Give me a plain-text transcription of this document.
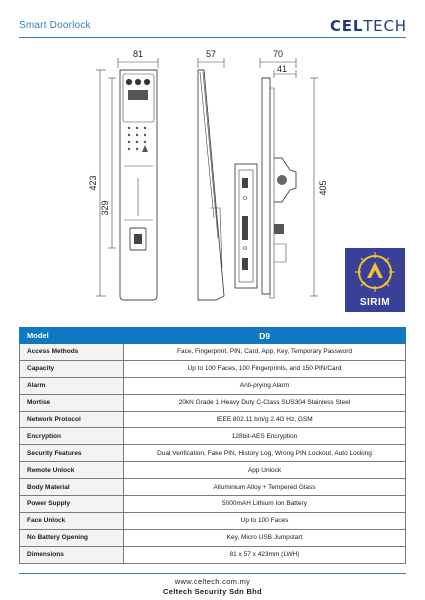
Smart Doorlock	CELTECH
81	57	70
41
423
329
405
SIRIM
Model	D9
Access Methods	Face, Fingerprint, PIN, Card, App, Key, Temporary Password
Capacity	Up to 100 Faces, 100 Fingerprints, and 150 PIN/Card
Alarm	Anti-prying Alarm
Mortise	20kN Grade 1 Heavy Duty C-Class SUS304 Stainless Steel
Network Protocol	IEEE 802.11 b/n/g 2.4G Hz, GSM
Encryption	128bit-AES Encryption
Security Features	Dual Verification, Fake PIN, History Log, Wrong PIN Lockout, Auto Locking
Remote Unlock	App Unlock
Body Material	Alluminium Alloy + Tempered Glass
Power Supply	5000mAH Lithium Ion Battery
Face Unlock	Up to 100 Faces
No Battery Opening	Key, Micro USB Jumpstart
Dimensions	81 x 57 x 423mm (LWH)
www.celtech.com.my
Celtech Security Sdn Bhd
